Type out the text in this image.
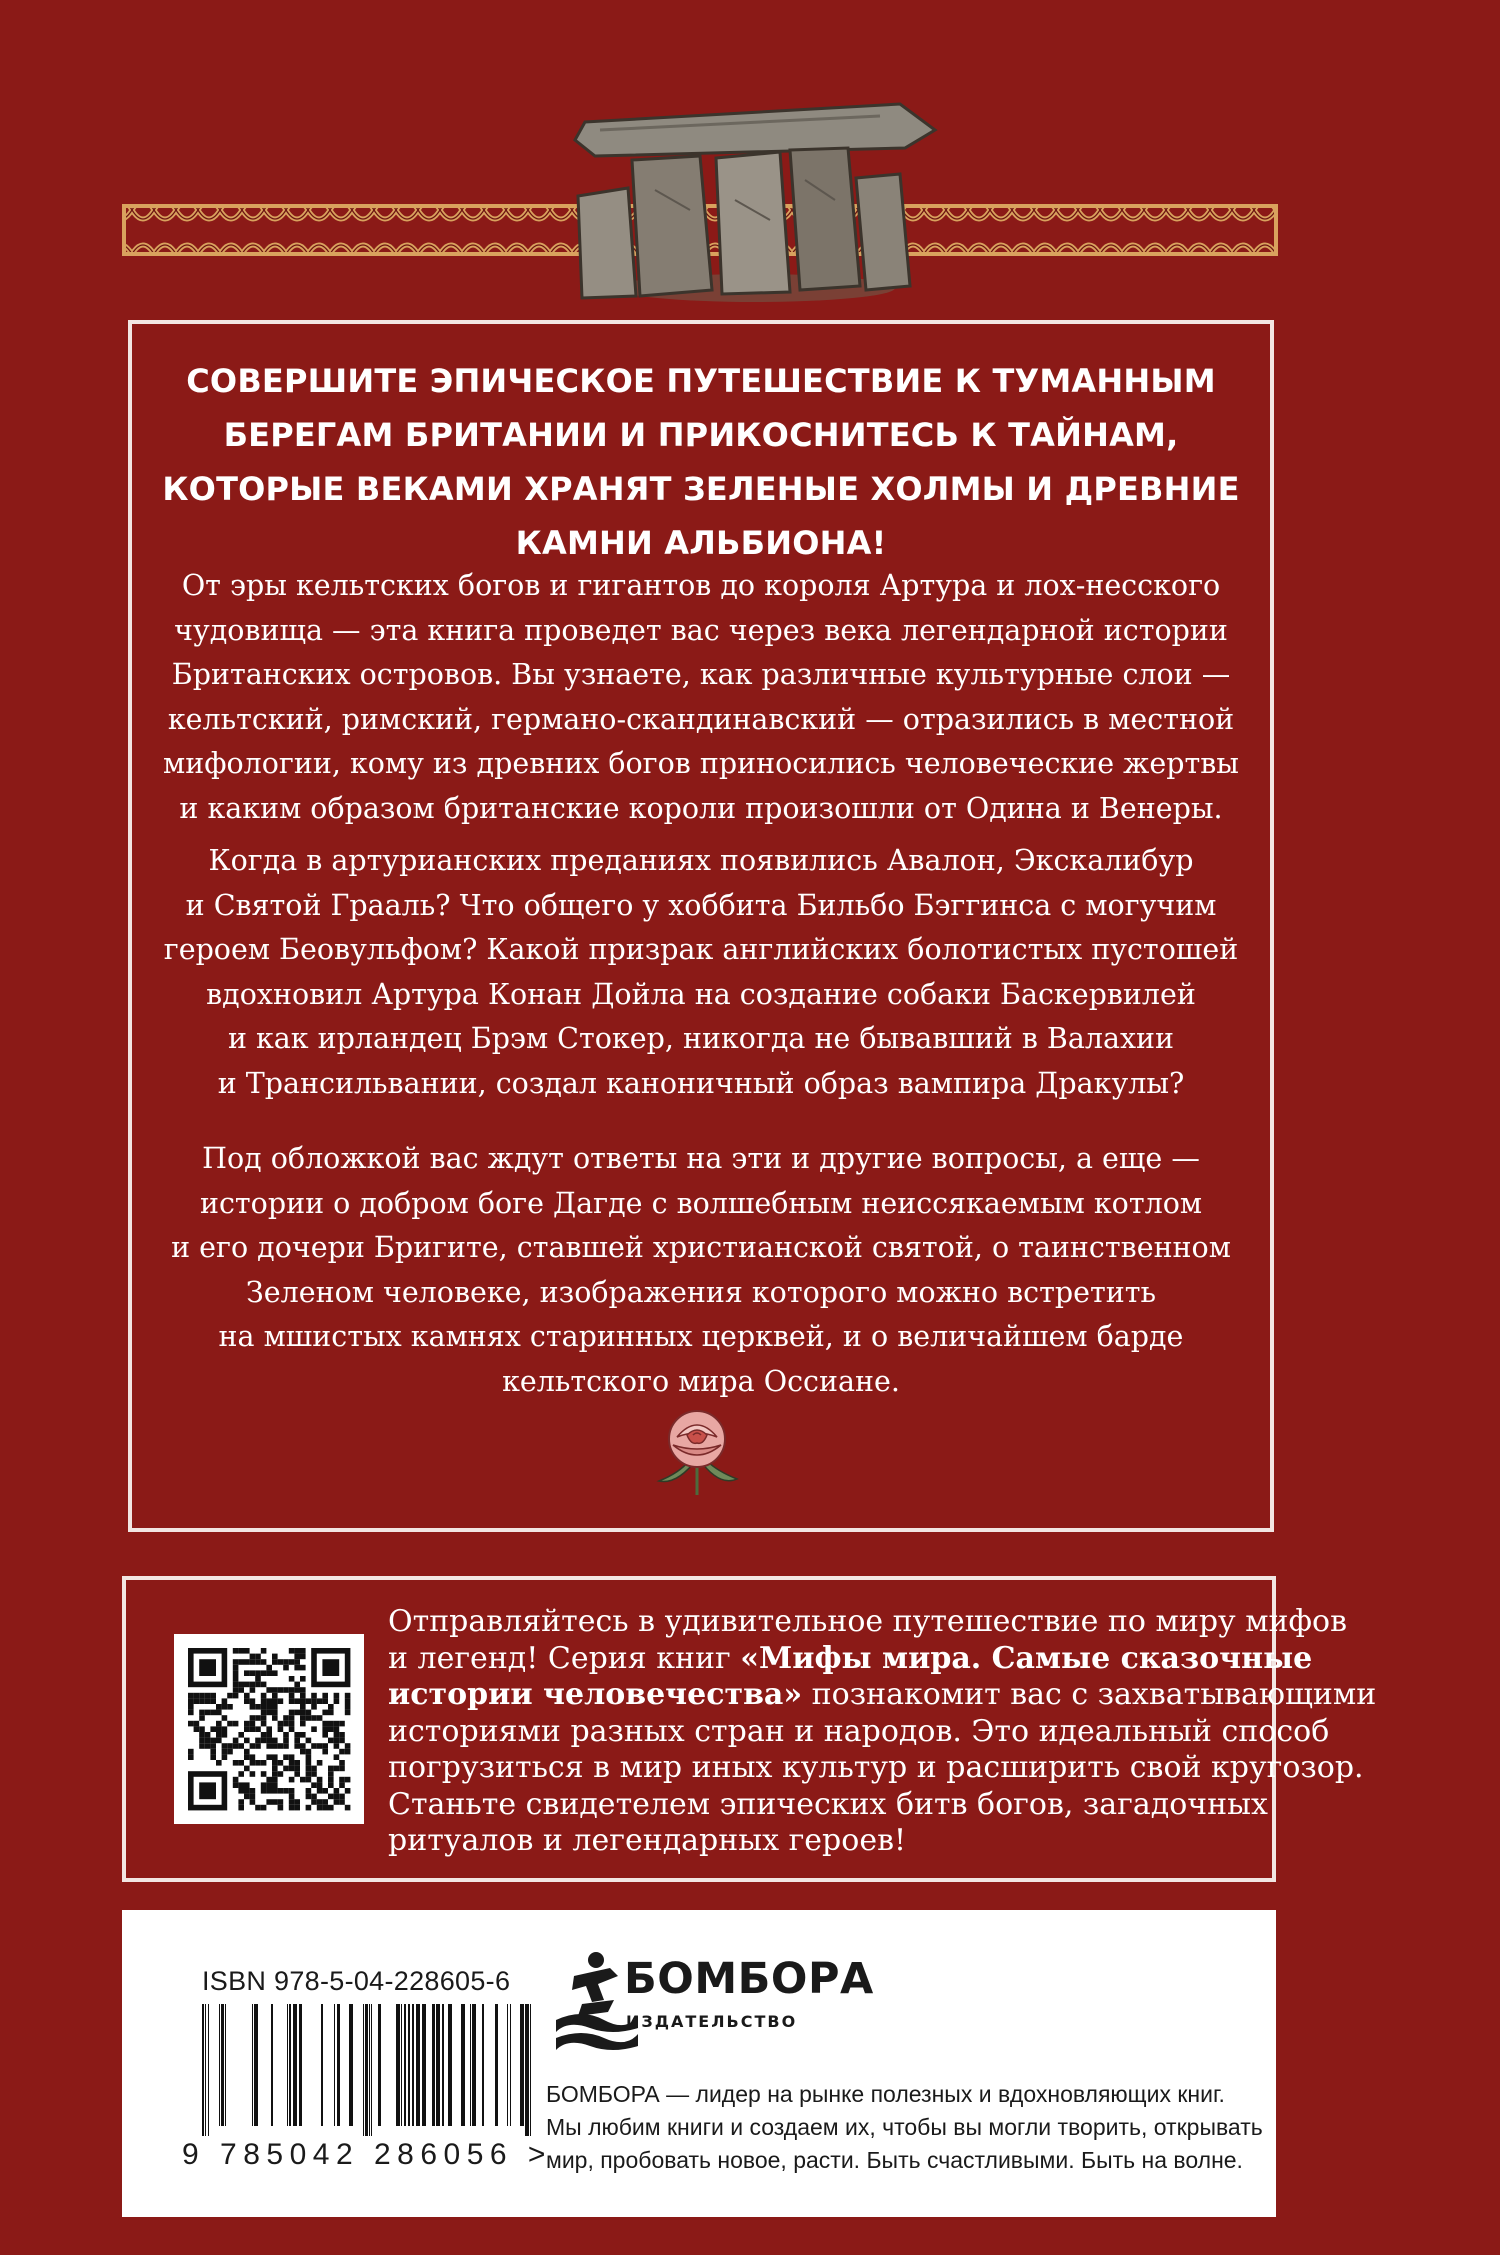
СОВЕРШИТЕ ЭПИЧЕСКОЕ ПУТЕШЕСТВИЕ К ТУМАННЫМ
БЕРЕГАМ БРИТАНИИ И ПРИКОСНИТЕСЬ К ТАЙНАМ,
КОТОРЫЕ ВЕКАМИ ХРАНЯТ ЗЕЛЕНЫЕ ХОЛМЫ И ДРЕВНИЕ
КАМНИ АЛЬБИОНА!
От эры кельтских богов и гигантов до короля Артура и лох-несского
чудовища — эта книга проведет вас через века легендарной истории
Британских островов. Вы узнаете, как различные культурные слои —
кельтский, римский, германо-скандинавский — отразились в местной
мифологии, кому из древних богов приносились человеческие жертвы
и каким образом британские короли произошли от Одина и Венеры.
Когда в артурианских преданиях появились Авалон, Экскалибур
и Святой Грааль? Что общего у хоббита Бильбо Бэггинса с могучим
героем Беовульфом? Какой призрак английских болотистых пустошей
вдохновил Артура Конан Дойла на создание собаки Баскервилей
и как ирландец Брэм Стокер, никогда не бывавший в Валахии
и Трансильвании, создал каноничный образ вампира Дракулы?
Под обложкой вас ждут ответы на эти и другие вопросы, а еще —
истории о добром боге Дагде с волшебным неиссякаемым котлом
и его дочери Бригите, ставшей христианской святой, о таинственном
Зеленом человеке, изображения которого можно встретить
на мшистых камнях старинных церквей, и о величайшем барде
кельтского мира Оссиане.
Отправляйтесь в удивительное путешествие по миру мифов
и легенд! Серия книг «Мифы мира. Самые сказочные
истории человечества» познакомит вас с захватывающими
историями разных стран и народов. Это идеальный способ
погрузиться в мир иных культур и расширить свой кругозор.
Станьте свидетелем эпических битв богов, загадочных
ритуалов и легендарных героев!
ISBN 978-5-04-228605-6
9 785042 286056 >
БОМБОРА
ИЗДАТЕЛЬСТВО
БОМБОРА — лидер на рынке полезных и вдохновляющих книг.
Мы любим книги и создаем их, чтобы вы могли творить, открывать
мир, пробовать новое, расти. Быть счастливыми. Быть на волне.
